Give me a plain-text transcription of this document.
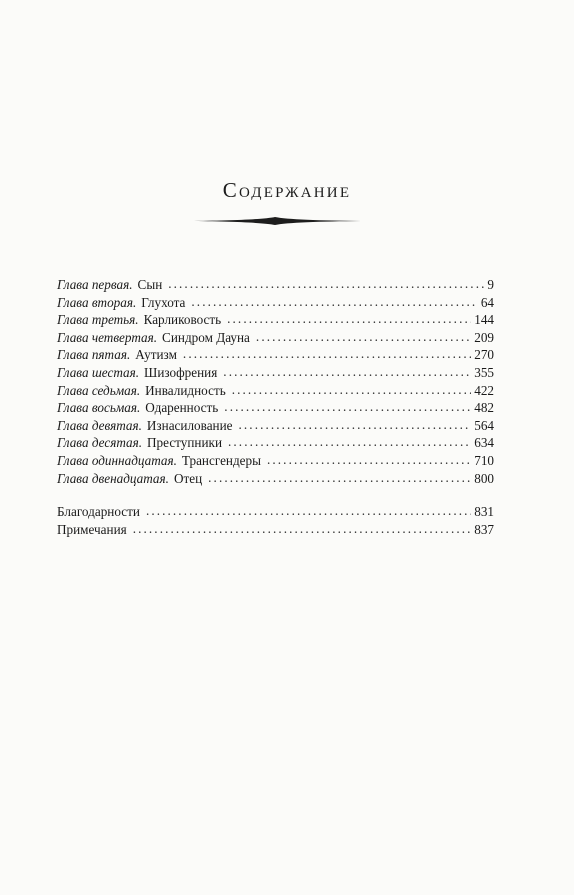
Содержание
Глава первая. Сын . . .	9
Глава вторая. Глухота . . .	64
Глава третья. Карликовость . . .	144
Глава четвертая. Синдром Дауна . . .	209
Глава пятая. Аутизм . . .	270
Глава шестая. Шизофрения . . .	355
Глава седьмая. Инвалидность . . .	422
Глава восьмая. Одаренность . . .	482
Глава девятая. Изнасилование . . .	564
Глава десятая. Преступники . . .	634
Глава одиннадцатая. Трансгендеры . . .	710
Глава двенадцатая. Отец . . .	800
Благодарности . . .	831
Примечания . . .	837
